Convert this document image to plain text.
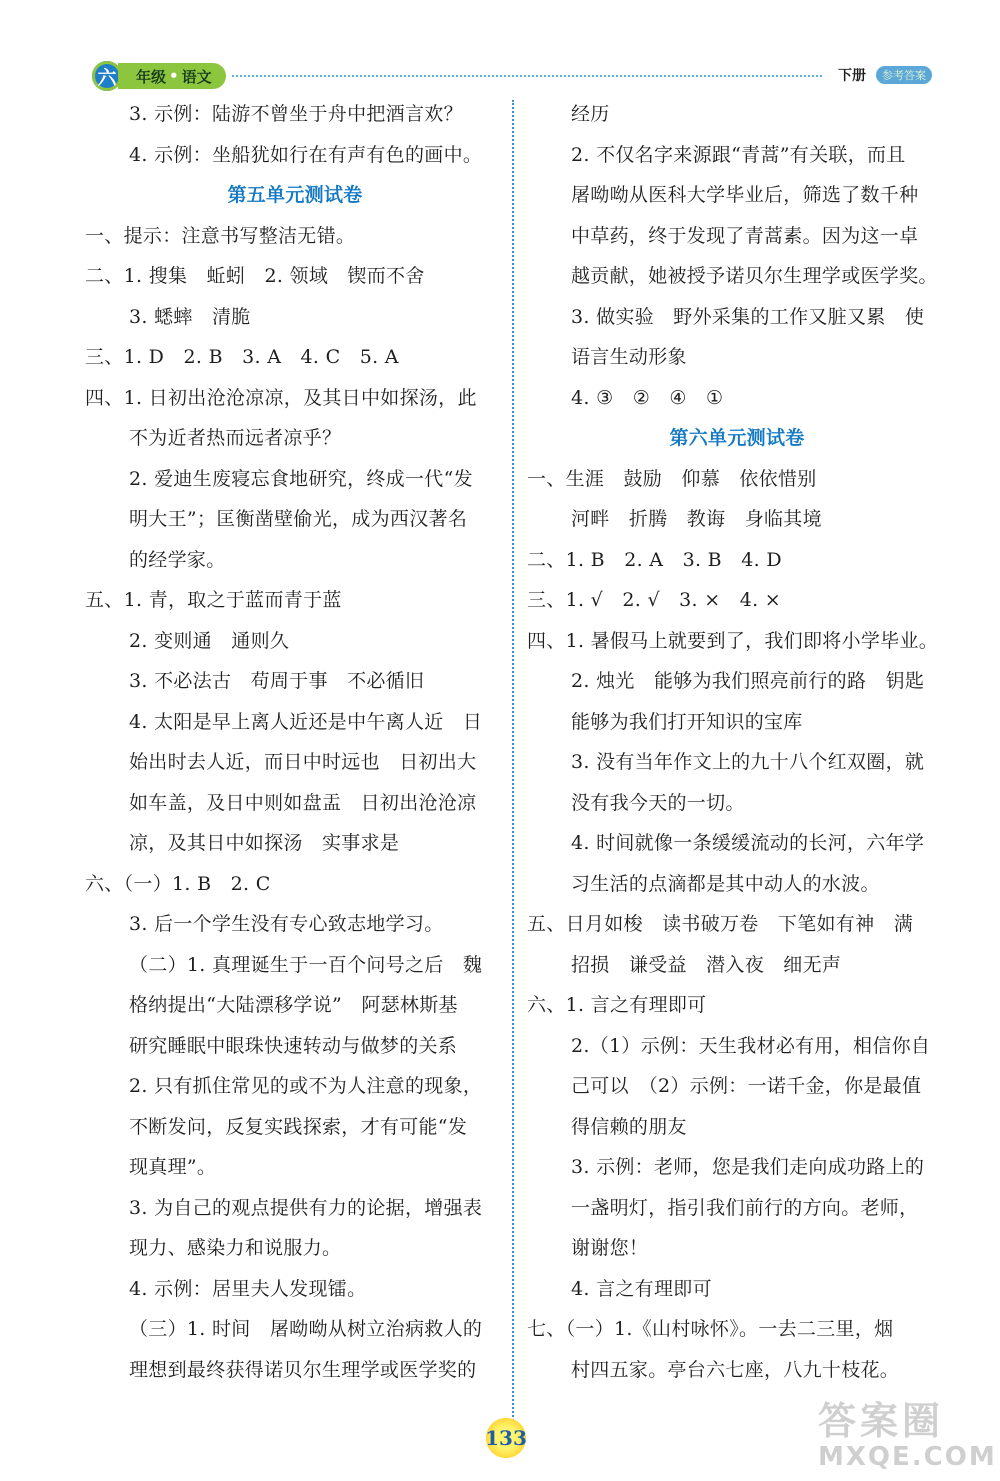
六	年级 • 语文	下册	参考答案
3. 示例：陆游不曾坐于舟中把酒言欢？
4. 示例：坐船犹如行在有声有色的画中。
第五单元测试卷
一、提示：注意书写整洁无错。
二、1. 搜集　蚯蚓　2. 领域　锲而不舍
3. 蟋蟀　清脆
三、1. D　2. B　3. A　4. C　5. A
四、1. 日初出沧沧凉凉，及其日中如探汤，此
不为近者热而远者凉乎？
2. 爱迪生废寝忘食地研究，终成一代“发
明大王”；匡衡凿壁偷光，成为西汉著名
的经学家。
五、1. 青，取之于蓝而青于蓝
2. 变则通　通则久
3. 不必法古　苟周于事　不必循旧
4. 太阳是早上离人近还是中午离人近　日
始出时去人近，而日中时远也　日初出大
如车盖，及日中则如盘盂　日初出沧沧凉
凉，及其日中如探汤　实事求是
六、（一）1. B　2. C
3. 后一个学生没有专心致志地学习。
（二）1. 真理诞生于一百个问号之后　魏
格纳提出“大陆漂移学说”　阿瑟林斯基
研究睡眠中眼珠快速转动与做梦的关系
2. 只有抓住常见的或不为人注意的现象，
不断发问，反复实践探索，才有可能“发
现真理”。
3. 为自己的观点提供有力的论据，增强表
现力、感染力和说服力。
4. 示例：居里夫人发现镭。
（三）1. 时间　屠呦呦从树立治病救人的
理想到最终获得诺贝尔生理学或医学奖的
经历
2. 不仅名字来源跟“青蒿”有关联，而且
屠呦呦从医科大学毕业后，筛选了数千种
中草药，终于发现了青蒿素。因为这一卓
越贡献，她被授予诺贝尔生理学或医学奖。
3. 做实验　野外采集的工作又脏又累　使
语言生动形象
4. ③　②　④　①
第六单元测试卷
一、生涯　鼓励　仰慕　依依惜别
河畔　折腾　教诲　身临其境
二、1. B　2. A　3. B　4. D
三、1. √　2. √　3. ×　4. ×
四、1. 暑假马上就要到了，我们即将小学毕业。
2. 烛光　能够为我们照亮前行的路　钥匙
能够为我们打开知识的宝库
3. 没有当年作文上的九十八个红双圈，就
没有我今天的一切。
4. 时间就像一条缓缓流动的长河，六年学
习生活的点滴都是其中动人的水波。
五、日月如梭　读书破万卷　下笔如有神　满
招损　谦受益　潜入夜　细无声
六、1. 言之有理即可
2.（1）示例：天生我材必有用，相信你自
己可以　（2）示例：一诺千金，你是最值
得信赖的朋友
3. 示例：老师，您是我们走向成功路上的
一盏明灯，指引我们前行的方向。老师，
谢谢您！
4. 言之有理即可
七、（一）1.《山村咏怀》。一去二三里，烟
村四五家。亭台六七座，八九十枝花。
133	答案圈
MXQE.COM
